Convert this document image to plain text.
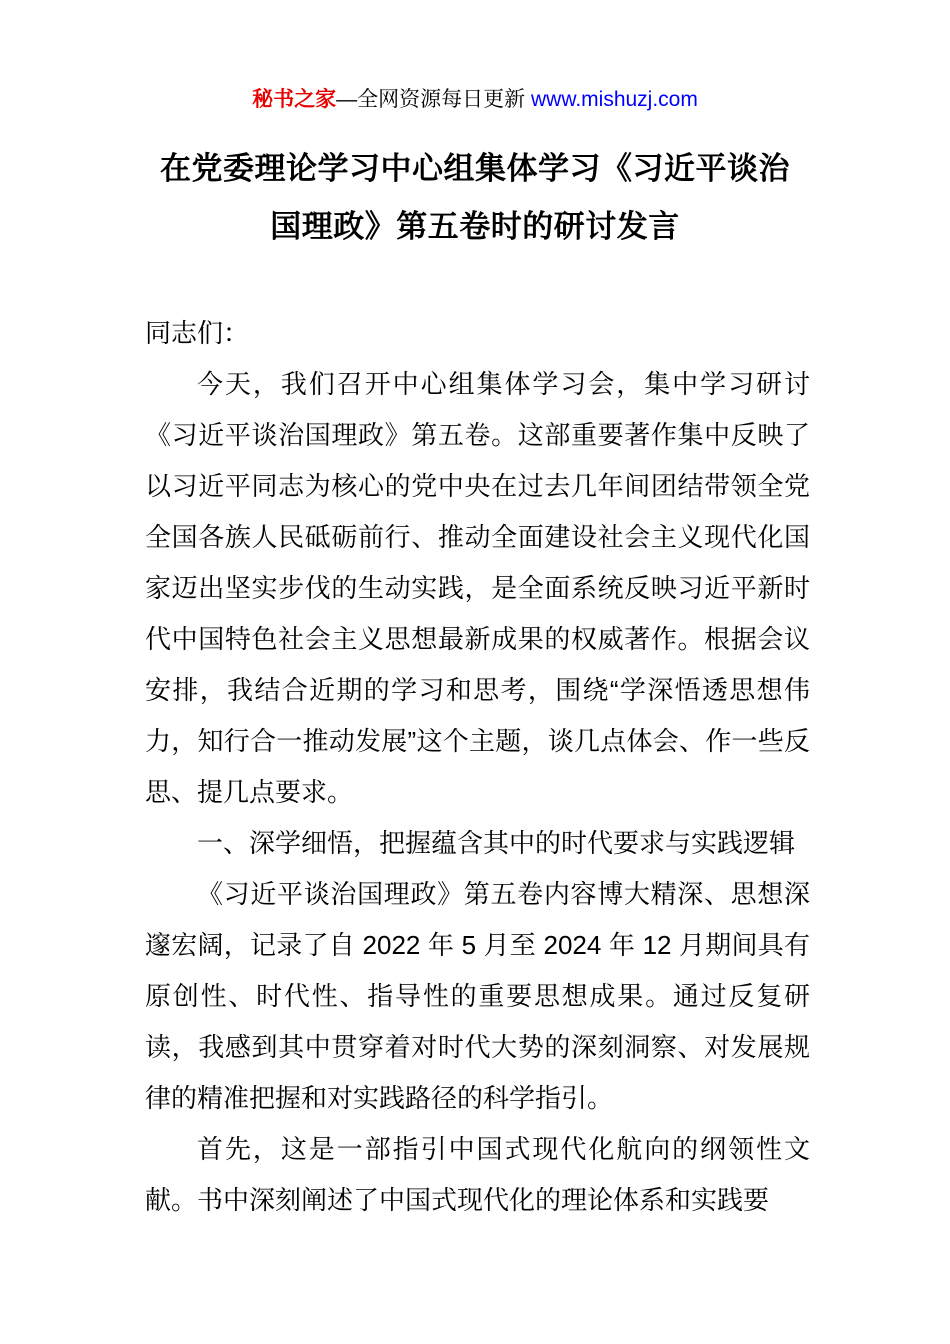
秘书之家—全网资源每日更新 www.mishuzj.com
在党委理论学习中心组集体学习《习近平谈治国理政》第五卷时的研讨发言

同志们：

今天，我们召开中心组集体学习会，集中学习研讨《习近平谈治国理政》第五卷。这部重要著作集中反映了以习近平同志为核心的党中央在过去几年间团结带领全党全国各族人民砥砺前行、推动全面建设社会主义现代化国家迈出坚实步伐的生动实践，是全面系统反映习近平新时代中国特色社会主义思想最新成果的权威著作。根据会议安排，我结合近期的学习和思考，围绕“学深悟透思想伟力，知行合一推动发展”这个主题，谈几点体会、作一些反思、提几点要求。

一、深学细悟，把握蕴含其中的时代要求与实践逻辑

《习近平谈治国理政》第五卷内容博大精深、思想深邃宏阔，记录了自 2022 年 5 月至 2024 年 12 月期间具有原创性、时代性、指导性的重要思想成果。通过反复研读，我感到其中贯穿着对时代大势的深刻洞察、对发展规律的精准把握和对实践路径的科学指引。

首先，这是一部指引中国式现代化航向的纲领性文献。书中深刻阐述了中国式现代化的理论体系和实践要
